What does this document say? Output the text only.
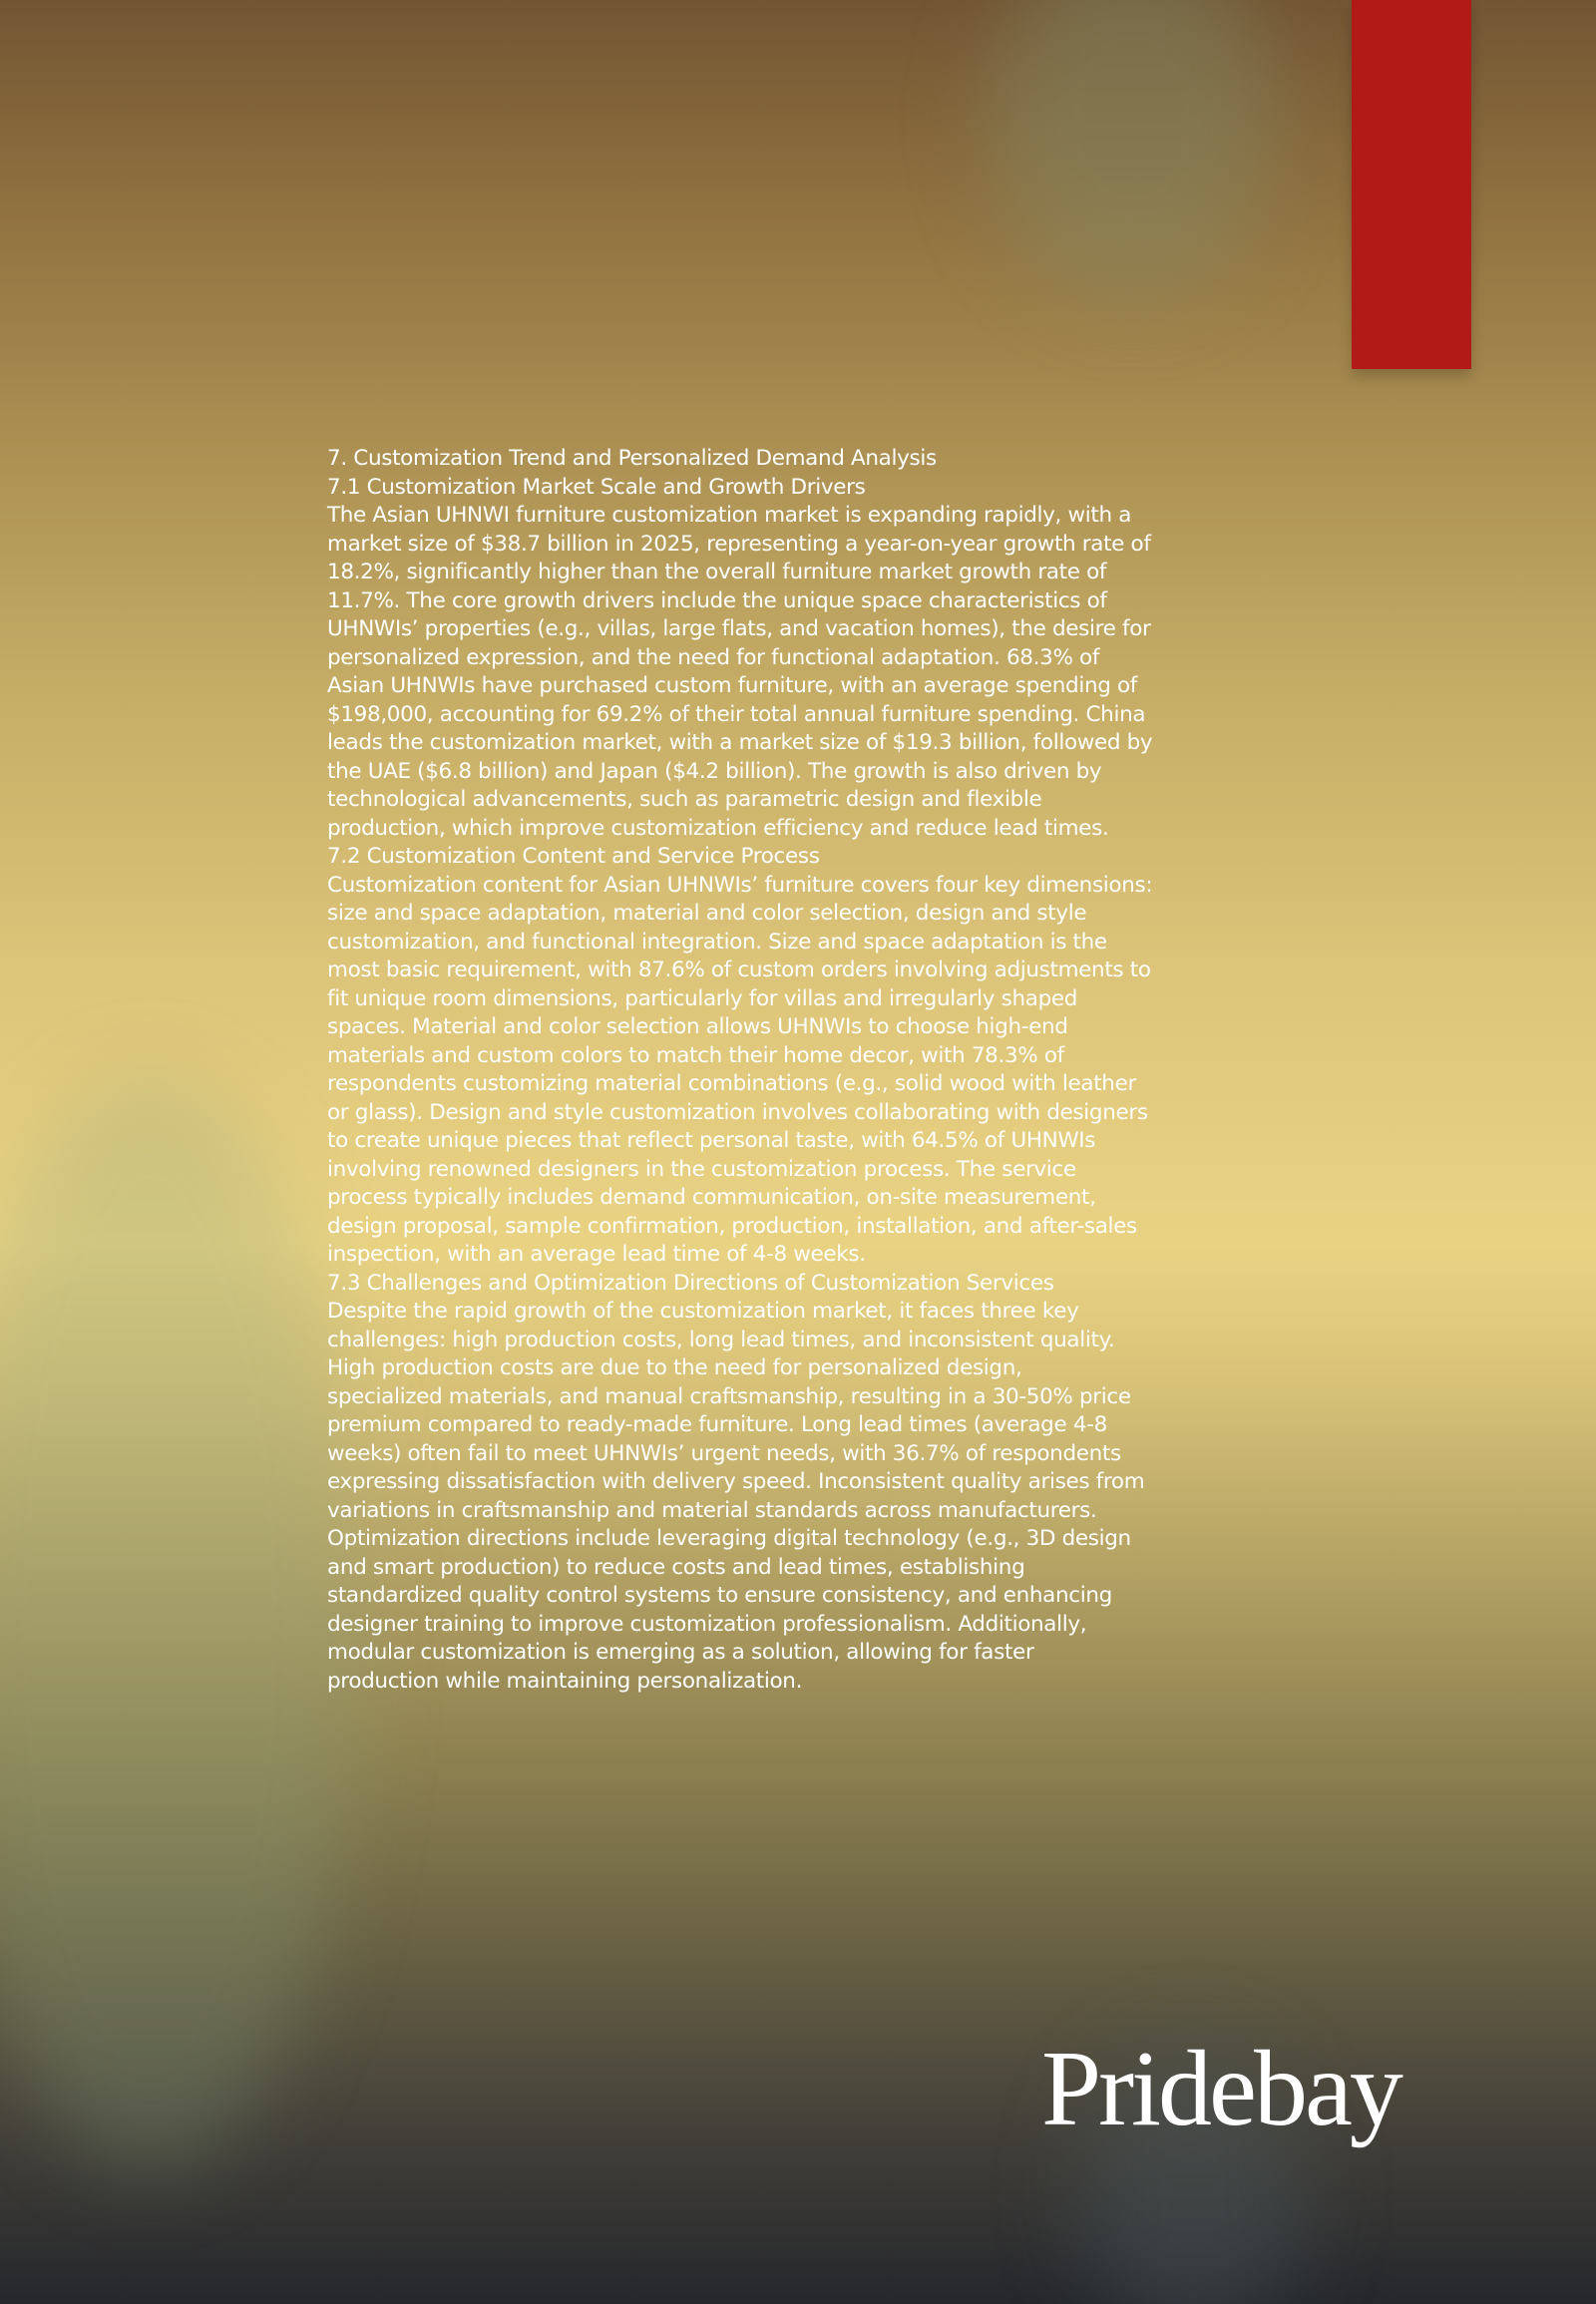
7. Customization Trend and Personalized Demand Analysis

7.1 Customization Market Scale and Growth Drivers

The Asian UHNWI furniture customization market is expanding rapidly, with a
market size of $38.7 billion in 2025, representing a year-on-year growth rate of
18.2%, significantly higher than the overall furniture market growth rate of
11.7%. The core growth drivers include the unique space characteristics of
UHNWIs’ properties (e.g., villas, large flats, and vacation homes), the desire for
personalized expression, and the need for functional adaptation. 68.3% of
Asian UHNWIs have purchased custom furniture, with an average spending of
$198,000, accounting for 69.2% of their total annual furniture spending. China
leads the customization market, with a market size of $19.3 billion, followed by
the UAE ($6.8 billion) and Japan ($4.2 billion). The growth is also driven by
technological advancements, such as parametric design and flexible
production, which improve customization efficiency and reduce lead times.

7.2 Customization Content and Service Process

Customization content for Asian UHNWIs’ furniture covers four key dimensions:
size and space adaptation, material and color selection, design and style
customization, and functional integration. Size and space adaptation is the
most basic requirement, with 87.6% of custom orders involving adjustments to
fit unique room dimensions, particularly for villas and irregularly shaped
spaces. Material and color selection allows UHNWIs to choose high-end
materials and custom colors to match their home decor, with 78.3% of
respondents customizing material combinations (e.g., solid wood with leather
or glass). Design and style customization involves collaborating with designers
to create unique pieces that reflect personal taste, with 64.5% of UHNWIs
involving renowned designers in the customization process. The service
process typically includes demand communication, on-site measurement,
design proposal, sample confirmation, production, installation, and after-sales
inspection, with an average lead time of 4-8 weeks.

7.3 Challenges and Optimization Directions of Customization Services

Despite the rapid growth of the customization market, it faces three key
challenges: high production costs, long lead times, and inconsistent quality.
High production costs are due to the need for personalized design,
specialized materials, and manual craftsmanship, resulting in a 30-50% price
premium compared to ready-made furniture. Long lead times (average 4-8
weeks) often fail to meet UHNWIs’ urgent needs, with 36.7% of respondents
expressing dissatisfaction with delivery speed. Inconsistent quality arises from
variations in craftsmanship and material standards across manufacturers.
Optimization directions include leveraging digital technology (e.g., 3D design
and smart production) to reduce costs and lead times, establishing
standardized quality control systems to ensure consistency, and enhancing
designer training to improve customization professionalism. Additionally,
modular customization is emerging as a solution, allowing for faster
production while maintaining personalization.

Pridebay
